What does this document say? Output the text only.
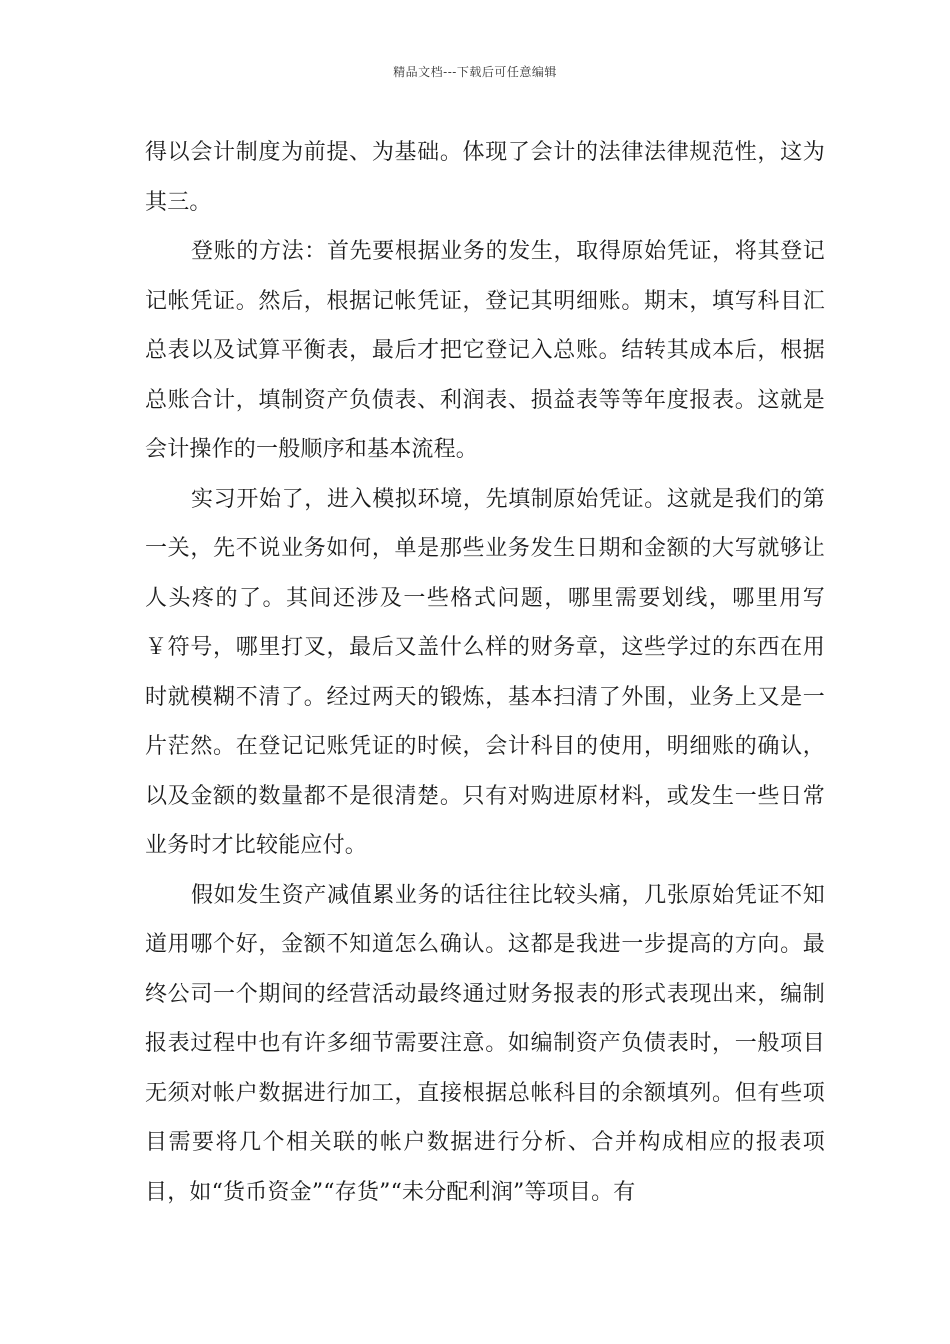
精品文档---下载后可任意编辑

得以会计制度为前提、为基础。体现了会计的法律法律规范性，这为其三。

登账的方法：首先要根据业务的发生，取得原始凭证，将其登记记帐凭证。然后，根据记帐凭证，登记其明细账。期末，填写科目汇总表以及试算平衡表，最后才把它登记入总账。结转其成本后，根据总账合计，填制资产负债表、利润表、损益表等等年度报表。这就是会计操作的一般顺序和基本流程。

实习开始了，进入模拟环境，先填制原始凭证。这就是我们的第一关，先不说业务如何，单是那些业务发生日期和金额的大写就够让人头疼的了。其间还涉及一些格式问题，哪里需要划线，哪里用写￥符号，哪里打叉，最后又盖什么样的财务章，这些学过的东西在用时就模糊不清了。经过两天的锻炼，基本扫清了外围，业务上又是一片茫然。在登记记账凭证的时候，会计科目的使用，明细账的确认，以及金额的数量都不是很清楚。只有对购进原材料，或发生一些日常业务时才比较能应付。

假如发生资产减值累业务的话往往比较头痛，几张原始凭证不知道用哪个好，金额不知道怎么确认。这都是我进一步提高的方向。最终公司一个期间的经营活动最终通过财务报表的形式表现出来，编制报表过程中也有许多细节需要注意。如编制资产负债表时，一般项目无须对帐户数据进行加工，直接根据总帐科目的余额填列。但有些项目需要将几个相关联的帐户数据进行分析、合并构成相应的报表项目，如“货币资金”“存货”“未分配利润”等项目。有
